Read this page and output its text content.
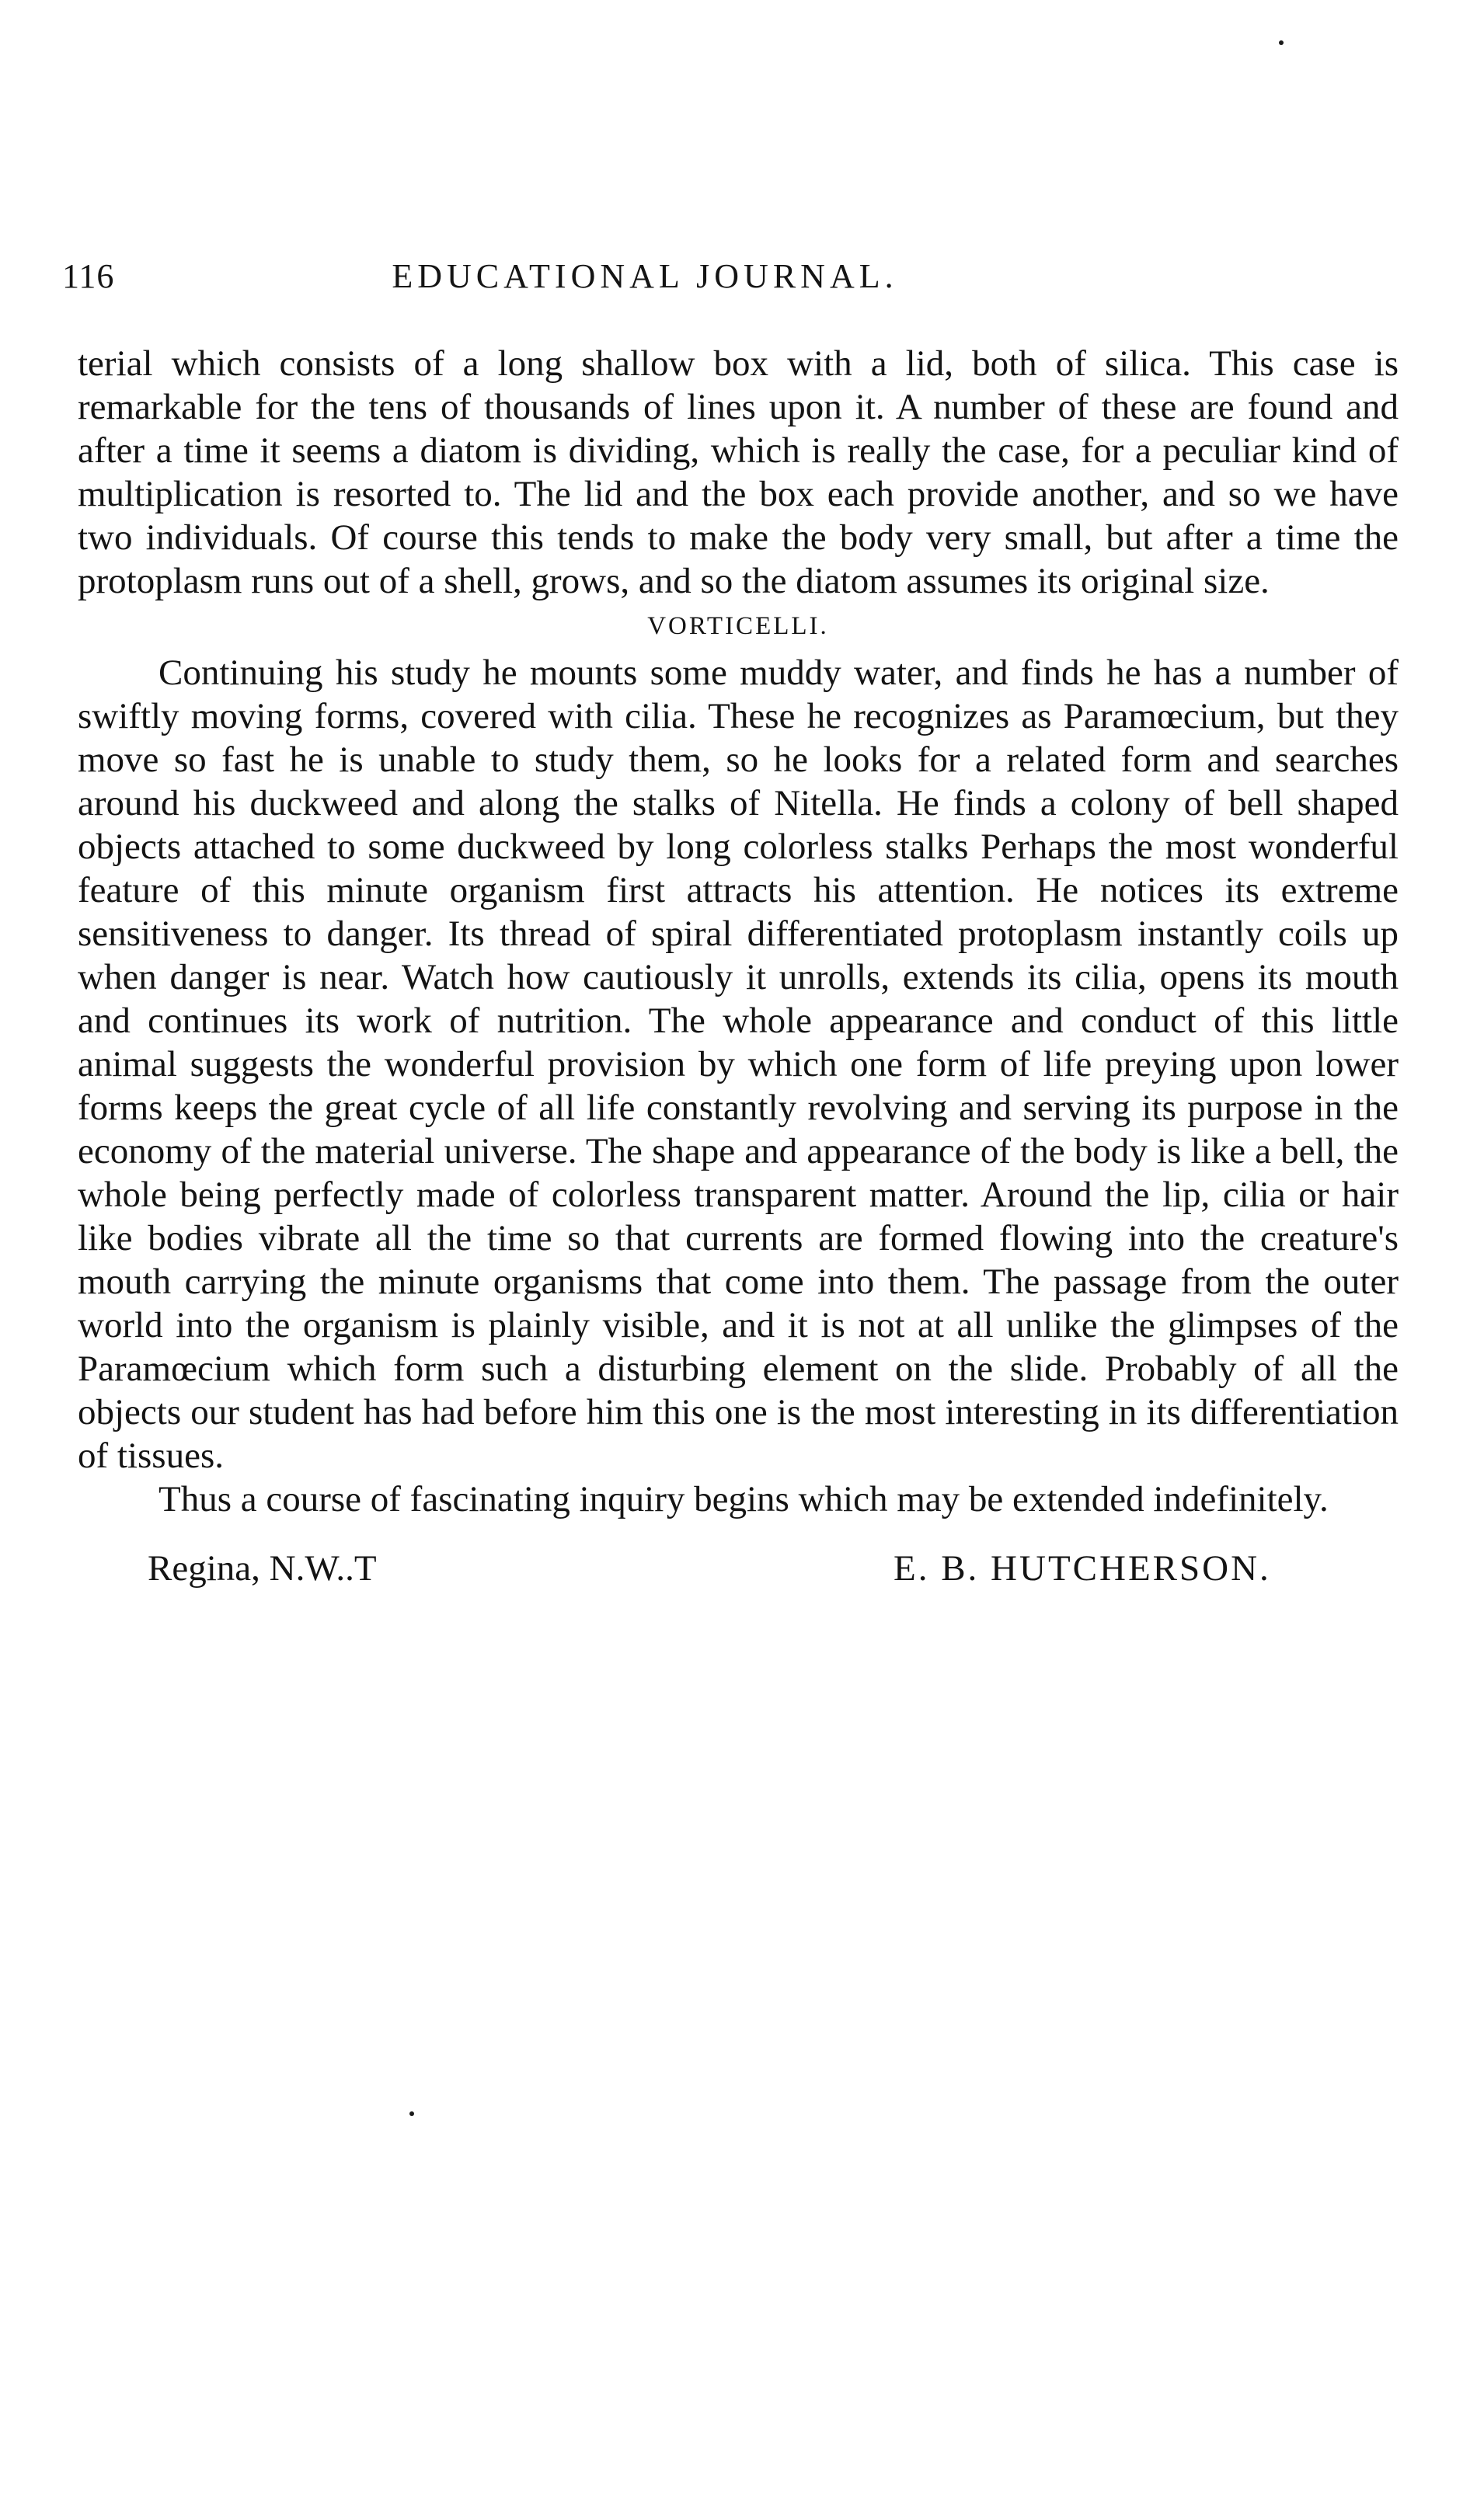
116	EDUCATIONAL JOURNAL.

terial which consists of a long shallow box with a lid, both of silica. This case is remarkable for the tens of thousands of lines upon it. A number of these are found and after a time it seems a diatom is dividing, which is really the case, for a peculiar kind of multiplication is resorted to. The lid and the box each provide another, and so we have two individuals. Of course this tends to make the body very small, but after a time the protoplasm runs out of a shell, grows, and so the diatom assumes its original size.

VORTICELLI.

Continuing his study he mounts some muddy water, and finds he has a number of swiftly moving forms, covered with cilia. These he recognizes as Paramœcium, but they move so fast he is unable to study them, so he looks for a related form and searches around his duckweed and along the stalks of Nitella. He finds a colony of bell shaped objects attached to some duckweed by long colorless stalks Perhaps the most wonderful feature of this minute organism first attracts his attention. He notices its extreme sensitiveness to danger. Its thread of spiral differentiated protoplasm instantly coils up when danger is near. Watch how cautiously it unrolls, extends its cilia, opens its mouth and continues its work of nutrition. The whole appearance and conduct of this little animal suggests the wonderful provision by which one form of life preying upon lower forms keeps the great cycle of all life constantly revolving and serving its purpose in the economy of the material universe. The shape and appearance of the body is like a bell, the whole being perfectly made of colorless transparent matter. Around the lip, cilia or hair like bodies vibrate all the time so that currents are formed flowing into the creature's mouth carrying the minute organisms that come into them. The passage from the outer world into the organism is plainly visible, and it is not at all unlike the glimpses of the Paramœcium which form such a disturbing element on the slide. Probably of all the objects our student has had before him this one is the most interesting in its differentiation of tissues.

Thus a course of fascinating inquiry begins which may be extended indefinitely.

Regina, N.W..T	E. B. HUTCHERSON.
